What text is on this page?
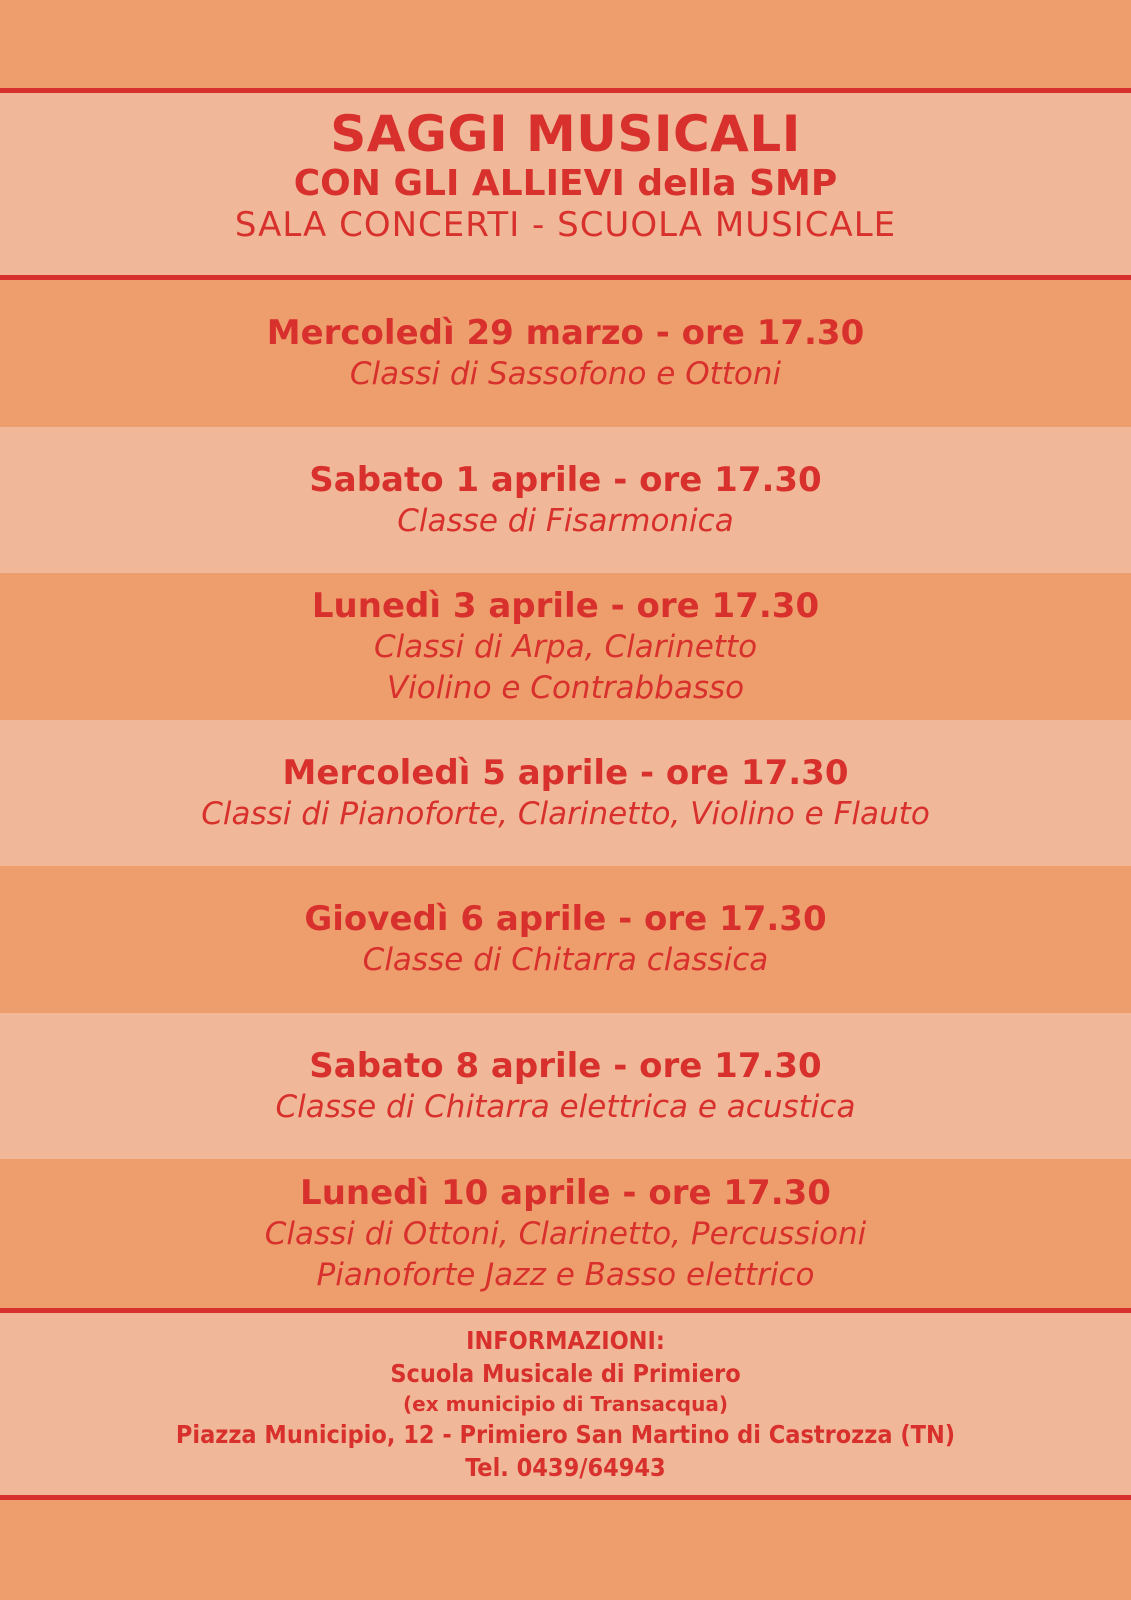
SAGGI MUSICALI
CON GLI ALLIEVI della SMP
SALA CONCERTI - SCUOLA MUSICALE
Mercoledì 29 marzo - ore 17.30
Classi di Sassofono e Ottoni
Sabato 1 aprile - ore 17.30
Classe di Fisarmonica
Lunedì 3 aprile - ore 17.30
Classi di Arpa, Clarinetto
Violino e Contrabbasso
Mercoledì 5 aprile - ore 17.30
Classi di Pianoforte, Clarinetto, Violino e Flauto
Giovedì 6 aprile - ore 17.30
Classe di Chitarra classica
Sabato 8 aprile - ore 17.30
Classe di Chitarra elettrica e acustica
Lunedì 10 aprile - ore 17.30
Classi di Ottoni, Clarinetto, Percussioni
Pianoforte Jazz e Basso elettrico
INFORMAZIONI:
Scuola Musicale di Primiero
(ex municipio di Transacqua)
Piazza Municipio, 12 - Primiero San Martino di Castrozza (TN)
Tel. 0439/64943
